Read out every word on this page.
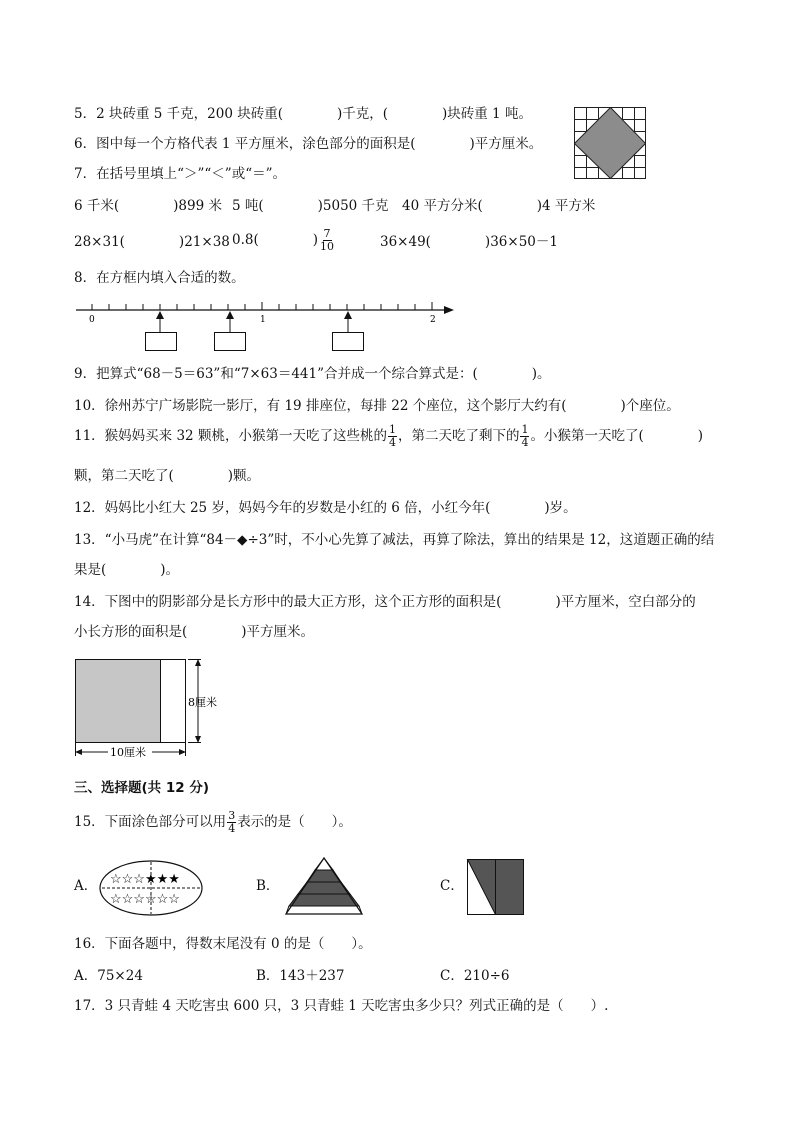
5．2 块砖重 5 千克，200 块砖重(　　　　)千克，(　　　　)块砖重 1 吨。
6．图中每一个方格代表 1 平方厘米，涂色部分的面积是(　　　　)平方厘米。
7．在括号里填上“＞”“＜”或“＝”。
6 千米(　　　　)899 米 5 吨(　　　　)5050 千克 40 平方分米(　　　　)4 平方米
28×31(　　　　)21×38 0.8(　　　　) $\frac{7}{10}$	36×49(　　　　)36×50－1
8．在方框内填入合适的数。
0	1	2
9．把算式“68－5＝63”和“7×63＝441”合并成一个综合算式是：(　　　　)。
10．徐州苏宁广场影院一影厅，有 19 排座位，每排 22 个座位，这个影厅大约有(　　　　)个座位。
11．猴妈妈买来 32 颗桃，小猴第一天吃了这些桃的 $\frac{1}{4}$ ，第二天吃了剩下的 $\frac{1}{4}$ 。小猴第一天吃了(　　　　)
颗，第二天吃了(　　　　)颗。
12．妈妈比小红大 25 岁，妈妈今年的岁数是小红的 6 倍，小红今年(　　　　)岁。
13．“小马虎”在计算“84－◆÷3”时，不小心先算了减法，再算了除法，算出的结果是 12，这道题正确的结
果是(　　　　)。
14．下图中的阴影部分是长方形中的最大正方形，这个正方形的面积是(　　　　)平方厘米，空白部分的
小长方形的面积是(　　　　)平方厘米。
8厘米
10厘米
三、选择题(共 12 分)
15．下面涂色部分可以用 $\frac{3}{4}$ 表示的是（　　）。
A． ☆☆☆★★★
☆☆☆☆☆☆
B．	C．
16．下面各题中，得数末尾没有 0 的是（　　）。
A．75×24	B．143＋237	C．210÷6
17．3 只青蛙 4 天吃害虫 600 只，3 只青蛙 1 天吃害虫多少只？列式正确的是（　　）.
